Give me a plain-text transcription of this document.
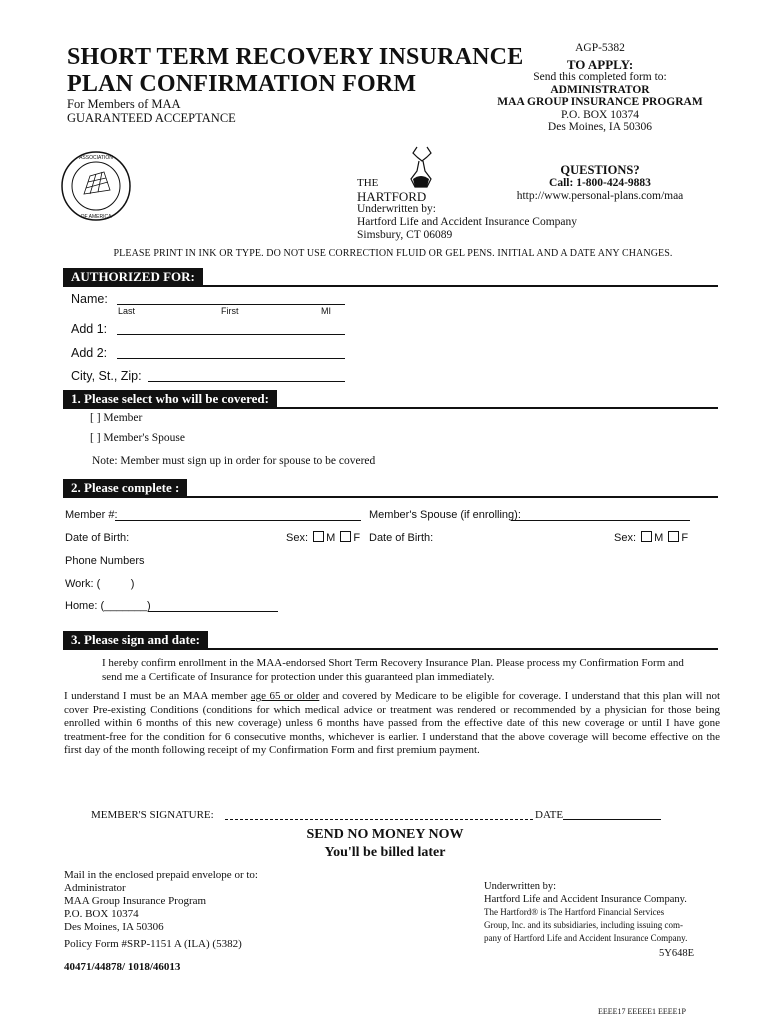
SHORT TERM RECOVERY INSURANCE
PLAN CONFIRMATION FORM
For Members of MAA
GUARANTEED ACCEPTANCE
AGP-5382
TO APPLY:
Send this completed form to:
ADMINISTRATOR
MAA GROUP INSURANCE PROGRAM
P.O. BOX 10374
Des Moines, IA 50306
ASSOCIATION
OF AMERICA
THE
HARTFORD
QUESTIONS?
Call: 1-800-424-9883
http://www.personal-plans.com/maa
Underwritten by:
Hartford Life and Accident Insurance Company
Simsbury, CT 06089
PLEASE PRINT IN INK OR TYPE. DO NOT USE CORRECTION FLUID OR GEL PENS. INITIAL AND A DATE ANY CHANGES.
AUTHORIZED FOR:
Name:
Last	First	MI
Add 1:
Add 2:
City, St., Zip:
1. Please select who will be covered:
[ ] Member
[ ] Member's Spouse
Note: Member must sign up in order for spouse to be covered
2. Please complete :
Member #:	Member's Spouse (if enrolling):
Date of Birth:	Sex: M F Date of Birth:	Sex: M F
Phone Numbers
Work: (          )
Home: (_______)
3. Please sign and date:
I hereby confirm enrollment in the MAA-endorsed Short Term Recovery Insurance Plan. Please process my Confirmation Form and send me a Certificate of Insurance for protection under this guaranteed plan immediately.
I understand I must be an MAA member age 65 or older and covered by Medicare to be eligible for coverage. I understand that this plan will not cover Pre-existing Conditions (conditions for which medical advice or treatment was rendered or recommended by a physician for those being enrolled within 6 months of this new coverage) unless 6 months have passed from the effective date of this new coverage or until I have gone treatment-free for the condition for 6 consecutive months, whichever is earlier. I understand that the above coverage will become effective on the first day of the month following receipt of my Confirmation Form and first premium payment.
MEMBER'S SIGNATURE:	DATE
SEND NO MONEY NOW
You'll be billed later
Mail in the enclosed prepaid envelope or to:
Administrator
MAA Group Insurance Program
P.O. BOX 10374
Des Moines, IA 50306
Policy Form #SRP-1151 A (ILA) (5382)
40471/44878/ 1018/46013
Underwritten by:
Hartford Life and Accident Insurance Company.
The Hartford® is The Hartford Financial Services
Group, Inc. and its subsidiaries, including issuing com-
pany of Hartford Life and Accident Insurance Company.
5Y648E
EEEE17 EEEEE1 EEEE1P
